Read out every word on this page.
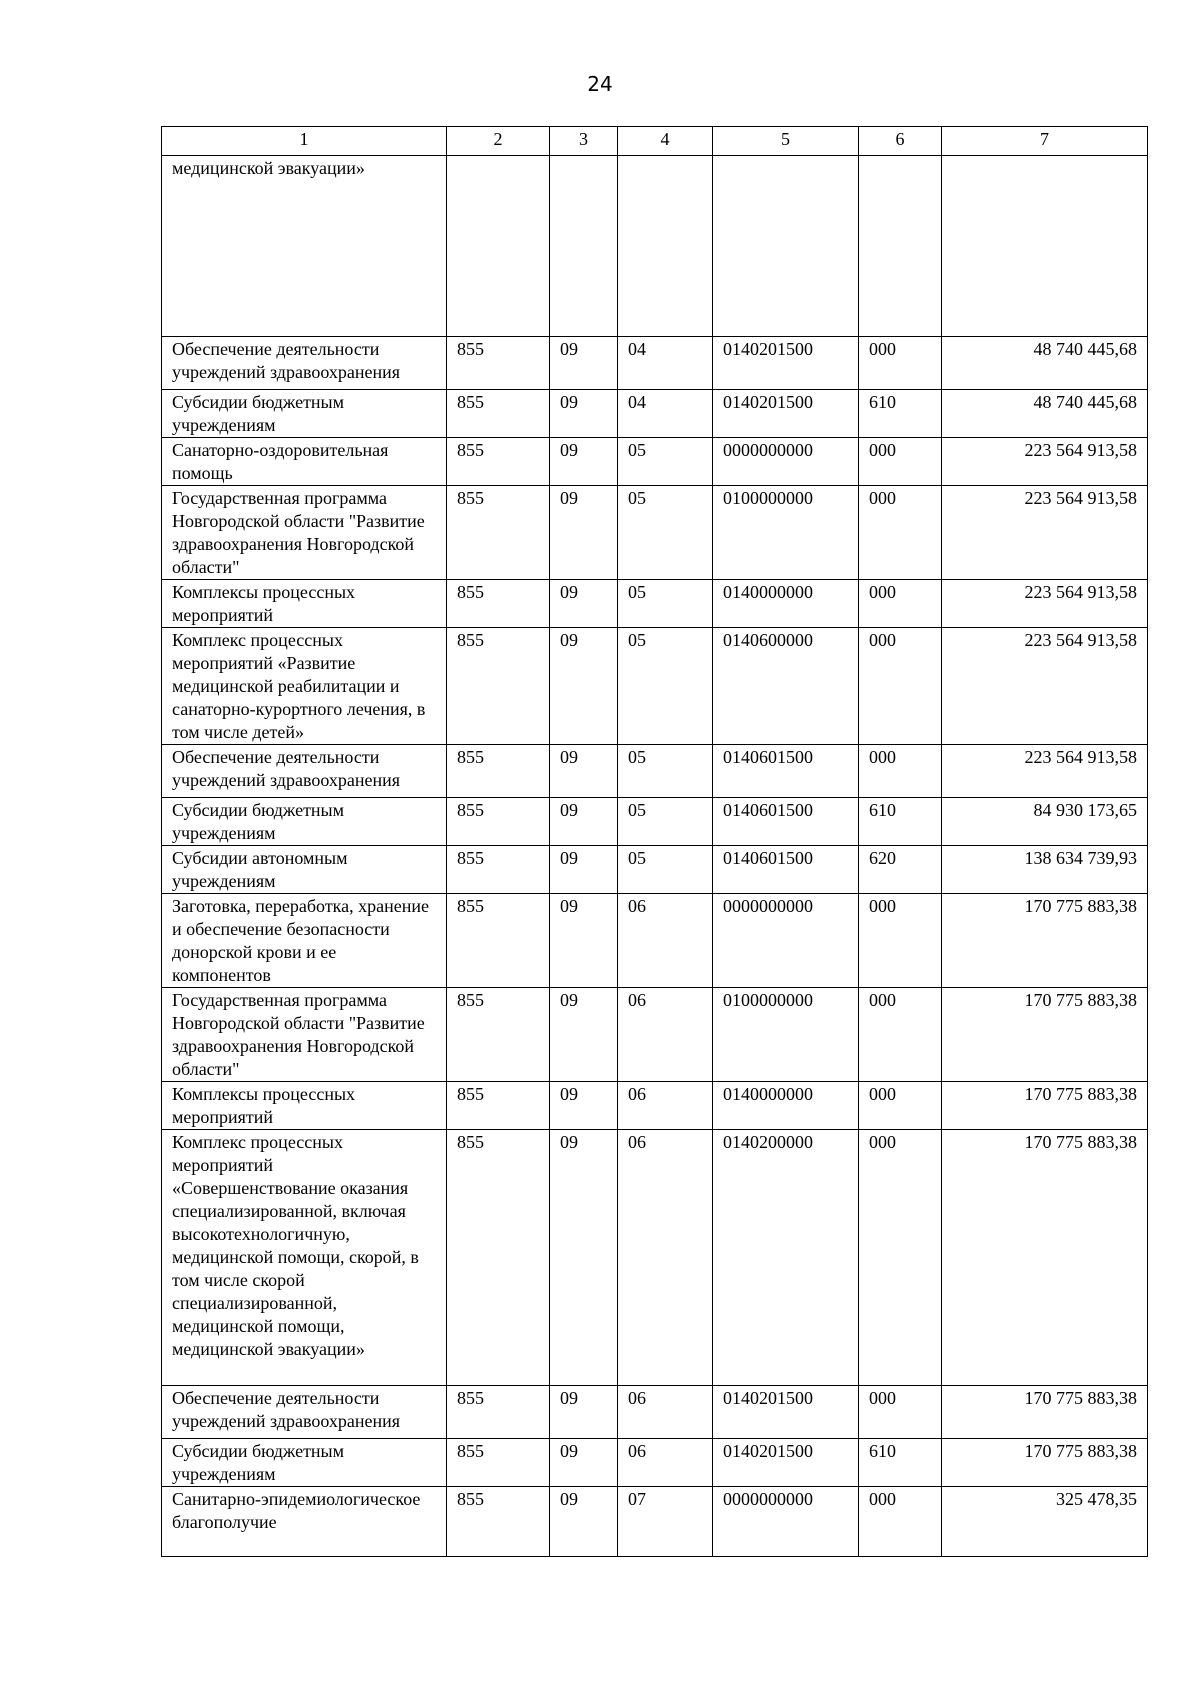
24
1	2	3	4	5	6	7
медицинской эвакуации»						
Обеспечение деятельности учреждений здравоохранения	855	09	04	0140201500	000	48 740 445,68
Субсидии бюджетным учреждениям	855	09	04	0140201500	610	48 740 445,68
Санаторно-оздоровительная помощь	855	09	05	0000000000	000	223 564 913,58
Государственная программа Новгородской области "Развитие здравоохранения Новгородской области"	855	09	05	0100000000	000	223 564 913,58
Комплексы процессных мероприятий	855	09	05	0140000000	000	223 564 913,58
Комплекс процессных мероприятий «Развитие медицинской реабилитации и санаторно-курортного лечения, в том числе детей»	855	09	05	0140600000	000	223 564 913,58
Обеспечение деятельности учреждений здравоохранения	855	09	05	0140601500	000	223 564 913,58
Субсидии бюджетным учреждениям	855	09	05	0140601500	610	84 930 173,65
Субсидии автономным учреждениям	855	09	05	0140601500	620	138 634 739,93
Заготовка, переработка, хранение и обеспечение безопасности донорской крови и ее компонентов	855	09	06	0000000000	000	170 775 883,38
Государственная программа Новгородской области "Развитие здравоохранения Новгородской области"	855	09	06	0100000000	000	170 775 883,38
Комплексы процессных мероприятий	855	09	06	0140000000	000	170 775 883,38
Комплекс процессных мероприятий «Совершенствование оказания специализированной, включая высокотехнологичную, медицинской помощи, скорой, в том числе скорой специализированной, медицинской помощи, медицинской эвакуации»	855	09	06	0140200000	000	170 775 883,38
Обеспечение деятельности учреждений здравоохранения	855	09	06	0140201500	000	170 775 883,38
Субсидии бюджетным учреждениям	855	09	06	0140201500	610	170 775 883,38
Санитарно-эпидемиологическое благополучие	855	09	07	0000000000	000	325 478,35
